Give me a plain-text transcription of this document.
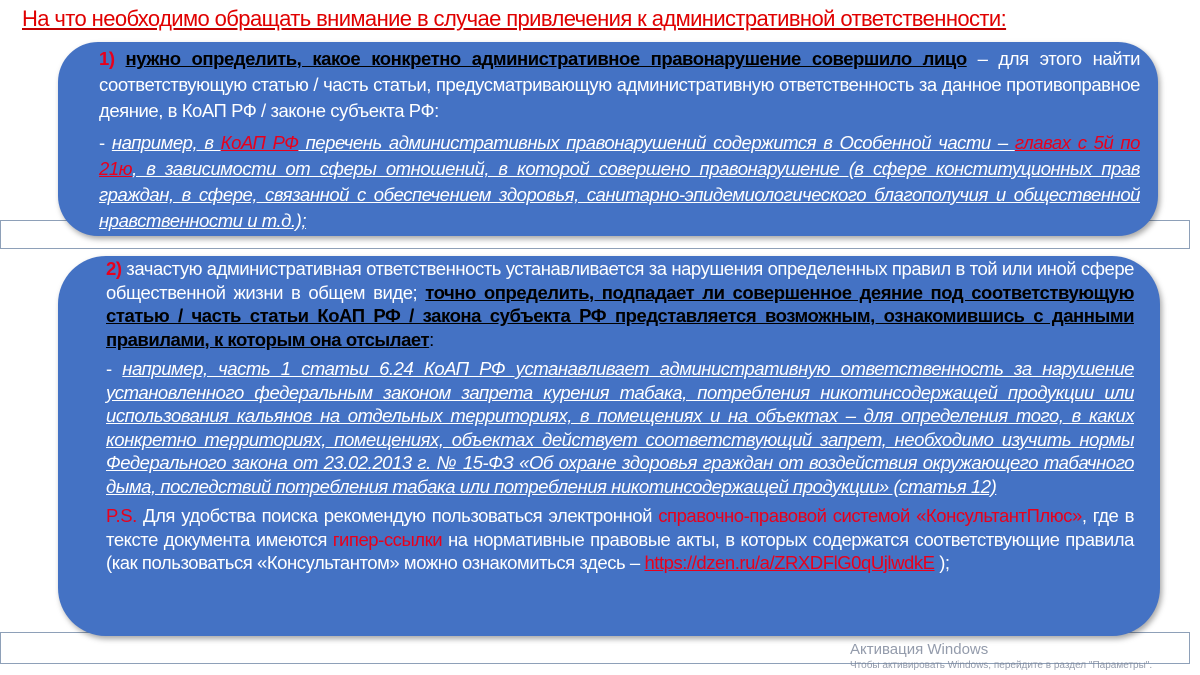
На что необходимо обращать внимание в случае привлечения к административной ответственности:

1) нужно определить, какое конкретно административное правонарушение совершило лицо – для этого найти соответствующую статью / часть статьи, предусматривающую административную ответственность за данное противоправное деяние, в КоАП РФ / законе субъекта РФ:

- например, в КоАП РФ перечень административных правонарушений содержится в Особенной части – главах с 5й по 21ю, в зависимости от сферы отношений, в которой совершено правонарушение (в сфере конституционных прав граждан, в сфере, связанной с обеспечением здоровья, санитарно-эпидемиологического благополучия и общественной нравственности и т.д.);

2) зачастую административная ответственность устанавливается за нарушения определенных правил в той или иной сфере общественной жизни в общем виде; точно определить, подпадает ли совершенное деяние под соответствующую статью / часть статьи КоАП РФ / закона субъекта РФ представляется возможным, ознакомившись с данными правилами, к которым она отсылает:

- например, часть 1 статьи 6.24 КоАП РФ устанавливает административную ответственность за нарушение установленного федеральным законом запрета курения табака, потребления никотинсодержащей продукции или использования кальянов на отдельных территориях, в помещениях и на объектах – для определения того, в каких конкретно территориях, помещениях, объектах действует соответствующий запрет, необходимо изучить нормы Федерального закона от 23.02.2013 г. № 15-ФЗ «Об охране здоровья граждан от воздействия окружающего табачного дыма, последствий потребления табака или потребления никотинсодержащей продукции» (статья 12)

P.S. Для удобства поиска рекомендую пользоваться электронной справочно-правовой системой «КонсультантПлюс», где в тексте документа имеются гипер-ссылки на нормативные правовые акты, в которых содержатся соответствующие правила (как пользоваться «Консультантом» можно ознакомиться здесь – https://dzen.ru/a/ZRXDFlG0qUjlwdkE );

Активация Windows
Чтобы активировать Windows, перейдите в раздел "Параметры".
